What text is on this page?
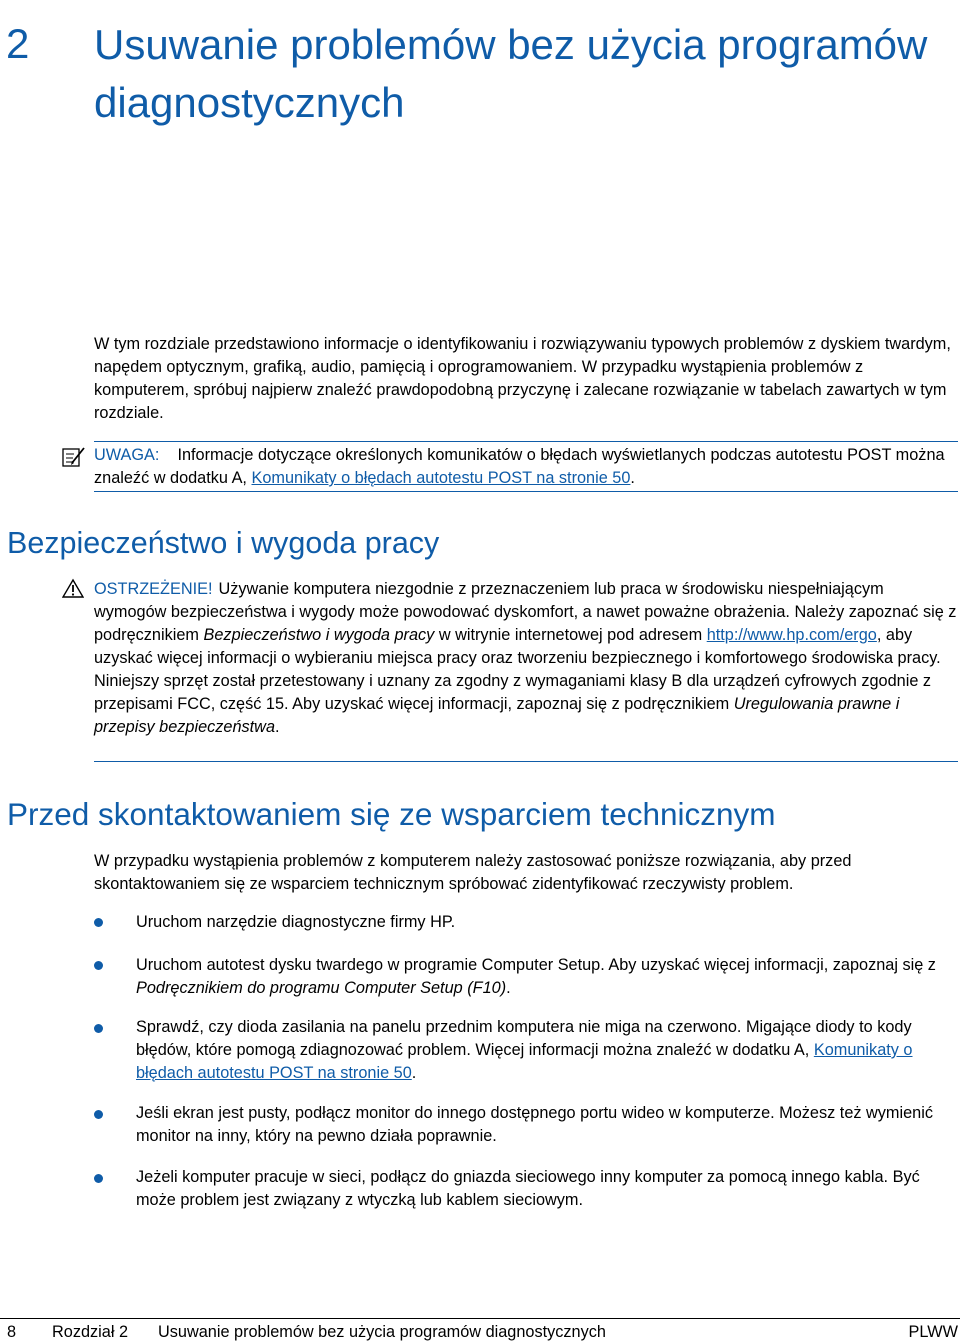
2 Usuwanie problemów bez użycia programów diagnostycznych
W tym rozdziale przedstawiono informacje o identyfikowaniu i rozwiązywaniu typowych problemów z dyskiem twardym, napędem optycznym, grafiką, audio, pamięcią i oprogramowaniem. W przypadku wystąpienia problemów z komputerem, spróbuj najpierw znaleźć prawdopodobną przyczynę i zalecane rozwiązanie w tabelach zawartych w tym rozdziale.
UWAGA: Informacje dotyczące określonych komunikatów o błędach wyświetlanych podczas autotestu POST można znaleźć w dodatku A, Komunikaty o błędach autotestu POST na stronie 50.
Bezpieczeństwo i wygoda pracy
OSTRZEŻENIE! Używanie komputera niezgodnie z przeznaczeniem lub praca w środowisku niespełniającym wymogów bezpieczeństwa i wygody może powodować dyskomfort, a nawet poważne obrażenia. Należy zapoznać się z podręcznikiem Bezpieczeństwo i wygoda pracy w witrynie internetowej pod adresem http://www.hp.com/ergo, aby uzyskać więcej informacji o wybieraniu miejsca pracy oraz tworzeniu bezpiecznego i komfortowego środowiska pracy. Niniejszy sprzęt został przetestowany i uznany za zgodny z wymaganiami klasy B dla urządzeń cyfrowych zgodnie z przepisami FCC, część 15. Aby uzyskać więcej informacji, zapoznaj się z podręcznikiem Uregulowania prawne i przepisy bezpieczeństwa.
Przed skontaktowaniem się ze wsparciem technicznym
W przypadku wystąpienia problemów z komputerem należy zastosować poniższe rozwiązania, aby przed skontaktowaniem się ze wsparciem technicznym spróbować zidentyfikować rzeczywisty problem.
Uruchom narzędzie diagnostyczne firmy HP.
Uruchom autotest dysku twardego w programie Computer Setup. Aby uzyskać więcej informacji, zapoznaj się z Podręcznikiem do programu Computer Setup (F10).
Sprawdź, czy dioda zasilania na panelu przednim komputera nie miga na czerwono. Migające diody to kody błędów, które pomogą zdiagnozować problem. Więcej informacji można znaleźć w dodatku A, Komunikaty o błędach autotestu POST na stronie 50.
Jeśli ekran jest pusty, podłącz monitor do innego dostępnego portu wideo w komputerze. Możesz też wymienić monitor na inny, który na pewno działa poprawnie.
Jeżeli komputer pracuje w sieci, podłącz do gniazda sieciowego inny komputer za pomocą innego kabla. Być może problem jest związany z wtyczką lub kablem sieciowym.
8 Rozdział 2 Usuwanie problemów bez użycia programów diagnostycznych	PLWW
